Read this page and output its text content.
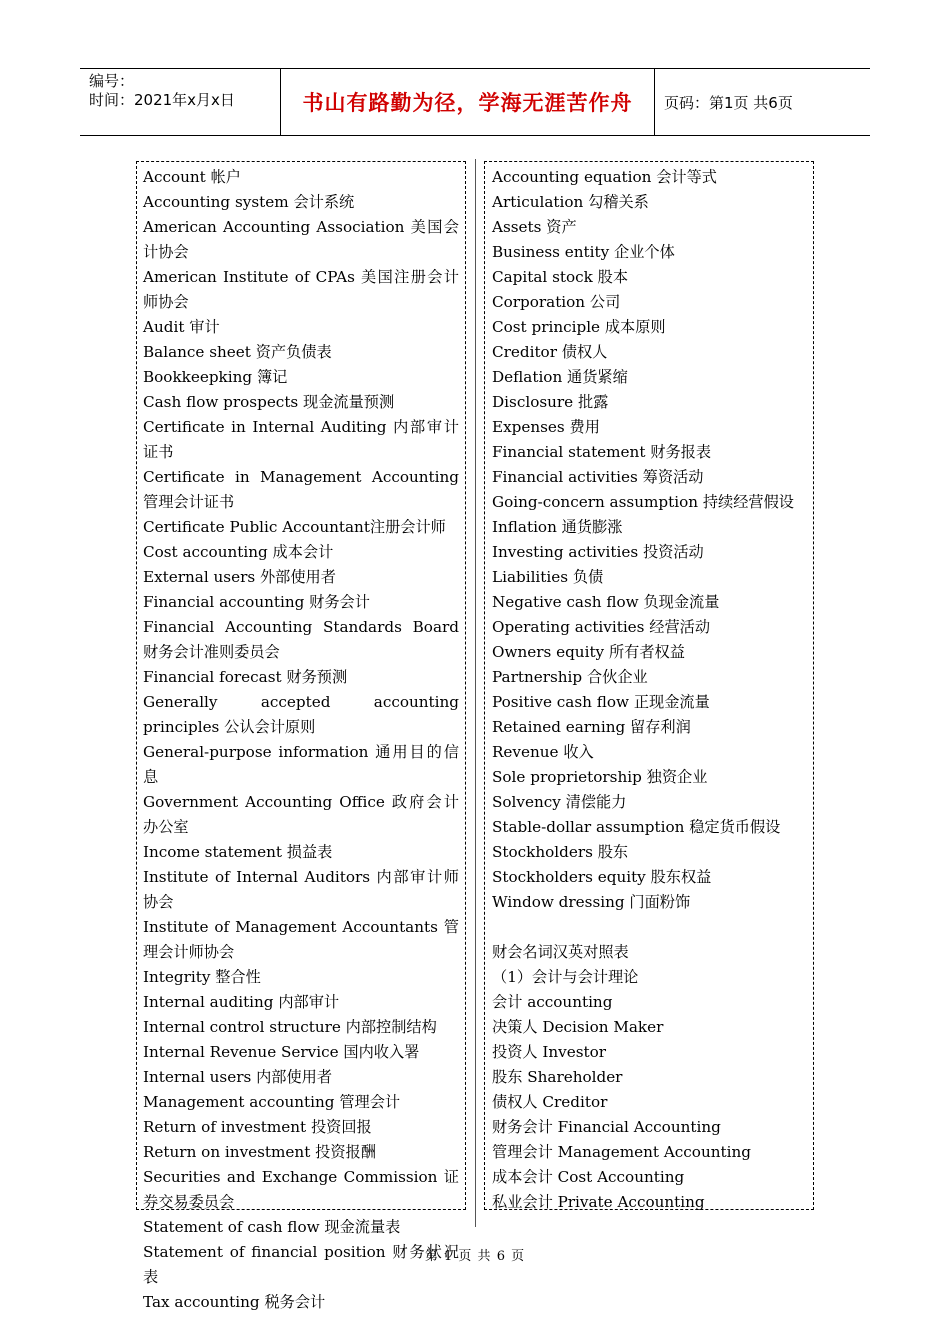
编号：
时间：2021年x月x日	书山有路勤为径，学海无涯苦作舟	页码：第1页 共6页
Account 帐户
Accounting system 会计系统
American Accounting Association 美国会计协会
American Institute of CPAs 美国注册会计师协会
Audit 审计
Balance sheet 资产负债表
Bookkeepking 簿记
Cash flow prospects 现金流量预测
Certificate in Internal Auditing 内部审计证书
Certificate in Management Accounting 管理会计证书
Certificate Public Accountant注册会计师
Cost accounting 成本会计
External users 外部使用者
Financial accounting 财务会计
Financial Accounting Standards Board 财务会计准则委员会
Financial forecast 财务预测
Generally accepted accounting principles 公认会计原则
General-purpose information 通用目的信息
Government Accounting Office 政府会计办公室
Income statement 损益表
Institute of Internal Auditors 内部审计师协会
Institute of Management Accountants 管理会计师协会
Integrity 整合性
Internal auditing 内部审计
Internal control structure 内部控制结构
Internal Revenue Service 国内收入署
Internal users 内部使用者
Management accounting 管理会计
Return of investment 投资回报
Return on investment 投资报酬
Securities and Exchange Commission 证券交易委员会
Statement of cash flow 现金流量表
Statement of financial position 财务状况表
Tax accounting 税务会计
Accounting equation 会计等式
Articulation 勾稽关系
Assets 资产
Business entity 企业个体
Capital stock 股本
Corporation 公司
Cost principle 成本原则
Creditor 债权人
Deflation 通货紧缩
Disclosure 批露
Expenses 费用
Financial statement 财务报表
Financial activities 筹资活动
Going-concern assumption 持续经营假设
Inflation 通货膨涨
Investing activities 投资活动
Liabilities 负债
Negative cash flow 负现金流量
Operating activities 经营活动
Owners equity 所有者权益
Partnership 合伙企业
Positive cash flow 正现金流量
Retained earning 留存利润
Revenue 收入
Sole proprietorship 独资企业
Solvency 清偿能力
Stable-dollar assumption 稳定货币假设
Stockholders 股东
Stockholders equity 股东权益
Window dressing 门面粉饰
财会名词汉英对照表
（1）会计与会计理论
会计 accounting
决策人 Decision Maker
投资人 Investor
股东 Shareholder
债权人 Creditor
财务会计 Financial Accounting
管理会计 Management Accounting
成本会计 Cost Accounting
私业会计 Private Accounting
第 1 页 共 6 页
